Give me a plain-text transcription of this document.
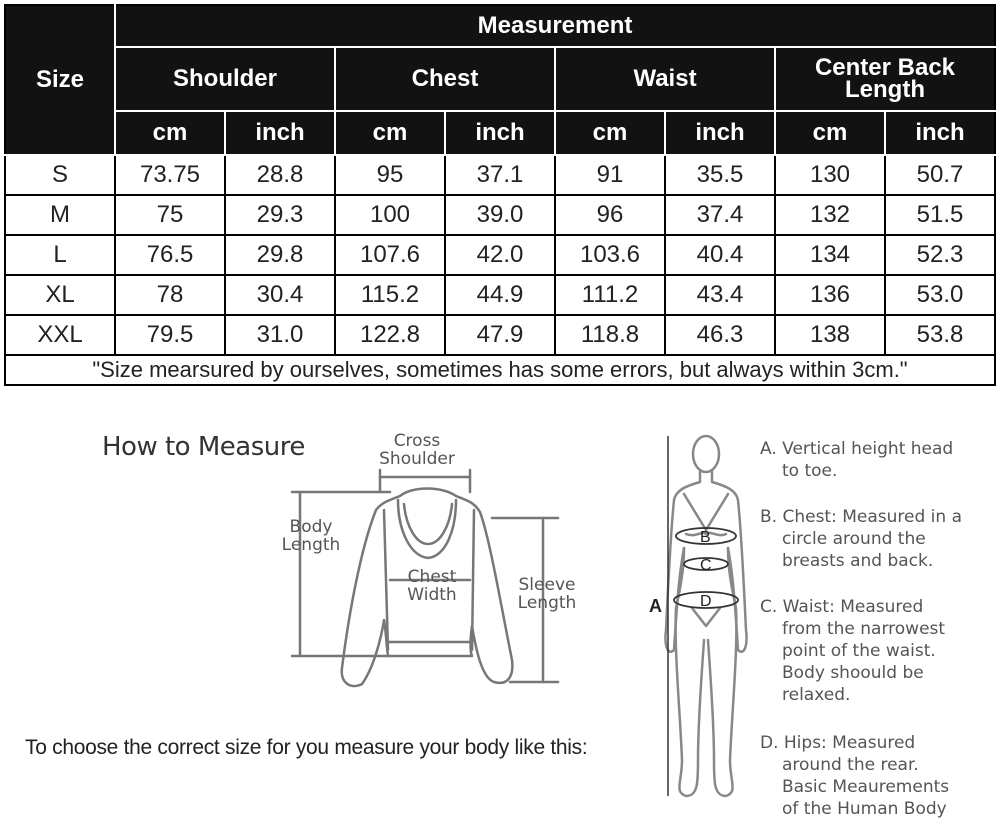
Size	Measurement							
	Shoulder		Chest		Waist		Center Back Length	
	cm	inch	cm	inch	cm	inch	cm	inch
S	73.75	28.8	95	37.1	91	35.5	130	50.7
M	75	29.3	100	39.0	96	37.4	132	51.5
L	76.5	29.8	107.6	42.0	103.6	40.4	134	52.3
XL	78	30.4	115.2	44.9	111.2	43.4	136	53.0
XXL	79.5	31.0	122.8	47.9	118.8	46.3	138	53.8
"Size mearsured by ourselves, sometimes has some errors, but always within 3cm."								
How to Measure	Cross
Shoulder
Body
Length
Chest
Width	Sleeve
Length
B
C
D
A
A. Vertical height head
to toe.
B. Chest: Measured in a
circle around the
breasts and back.
C. Waist: Measured
from the narrowest
point of the waist.
Body shoould be
relaxed.
D. Hips: Measured
around the rear.
Basic Meaurements
of the Human Body
To choose the correct size for you measure your body like this:
